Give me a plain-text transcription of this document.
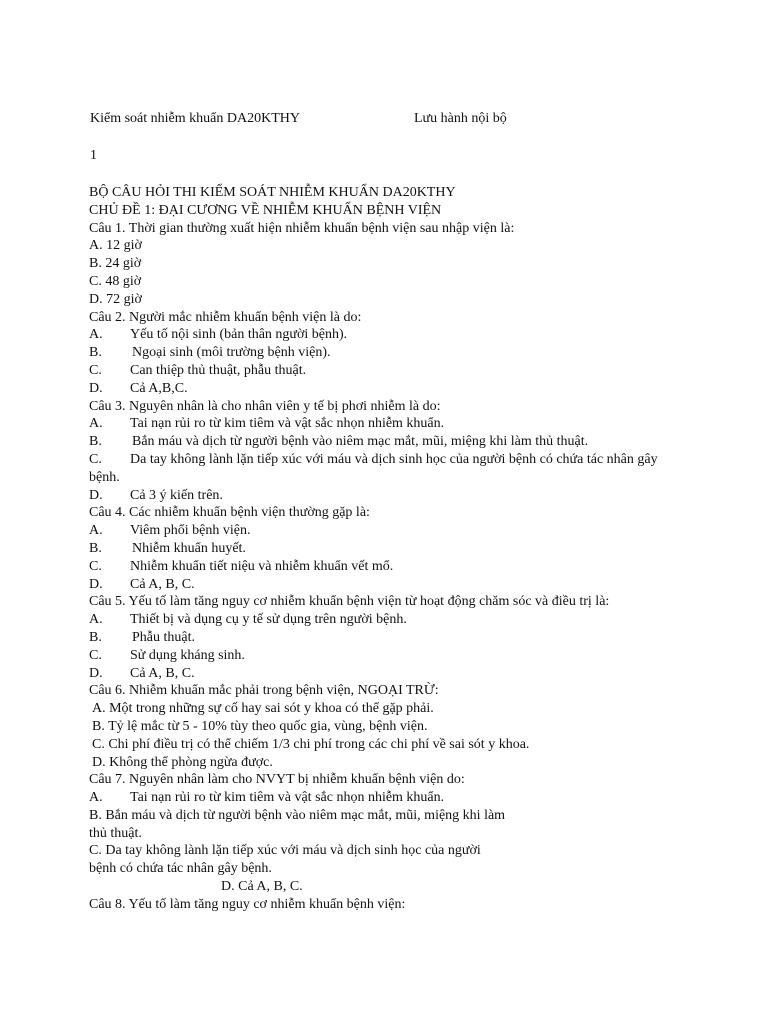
Kiểm soát nhiễm khuẩn DA20KTHY	Lưu hành nội bộ
1
BỘ CÂU HỎI THI KIỂM SOÁT NHIỄM KHUẨN DA20KTHY
CHỦ ĐỀ 1: ĐẠI CƯƠNG VỀ NHIỄM KHUẨN BỆNH VIỆN
Câu 1. Thời gian thường xuất hiện nhiễm khuẩn bệnh viện sau nhập viện là:
A. 12 giờ
B. 24 giờ
C. 48 giờ
D. 72 giờ
Câu 2. Người mắc nhiễm khuẩn bệnh viện là do:
A.	Yếu tố nội sinh (bản thân người bệnh).
B.	Ngoại sinh (môi trường bệnh viện).
C.	Can thiệp thủ thuật, phẫu thuật.
D.	Cả A,B,C.
Câu 3. Nguyên nhân là cho nhân viên y tế bị phơi nhiễm là do:
A.	Tai nạn rủi ro từ kim tiêm và vật sắc nhọn nhiễm khuẩn.
B.	Bắn máu và dịch từ người bệnh vào niêm mạc mắt, mũi, miệng khi làm thủ thuật.
C. Da tay không lành lặn tiếp xúc với máu và dịch sinh học của người bệnh có chứa tác nhân gây bệnh.
D.	Cả 3 ý kiến trên.
Câu 4. Các nhiễm khuẩn bệnh viện thường gặp là:
A.	Viêm phổi bệnh viện.
B.	Nhiễm khuẩn huyết.
C.	Nhiễm khuẩn tiết niệu và nhiễm khuẩn vết mổ.
D.	Cả A, B, C.
Câu 5. Yếu tố làm tăng nguy cơ nhiễm khuẩn bệnh viện từ hoạt động chăm sóc và điều trị là:
A.	Thiết bị và dụng cụ y tế sử dụng trên người bệnh.
B.	Phẫu thuật.
C.	Sử dụng kháng sinh.
D.	Cả A, B, C.
Câu 6. Nhiễm khuẩn mắc phải trong bệnh viện, NGOẠI TRỪ:
A. Một trong những sự cố hay sai sót y khoa có thể gặp phải.
B. Tỷ lệ mắc từ 5 - 10% tùy theo quốc gia, vùng, bệnh viện.
C. Chi phí điều trị có thể chiếm 1/3 chi phí trong các chi phí về sai sót y khoa.
D. Không thể phòng ngừa được.
Câu 7. Nguyên nhân làm cho NVYT bị nhiễm khuẩn bệnh viện do:
A.	Tai nạn rủi ro từ kim tiêm và vật sắc nhọn nhiễm khuẩn.
B. Bắn máu và dịch từ người bệnh vào niêm mạc mắt, mũi, miệng khi làm
thủ thuật.
C. Da tay không lành lặn tiếp xúc với máu và dịch sinh học của người
bệnh có chứa tác nhân gây bệnh.
D. Cả A, B, C.
Câu 8. Yếu tố làm tăng nguy cơ nhiễm khuẩn bệnh viện:
